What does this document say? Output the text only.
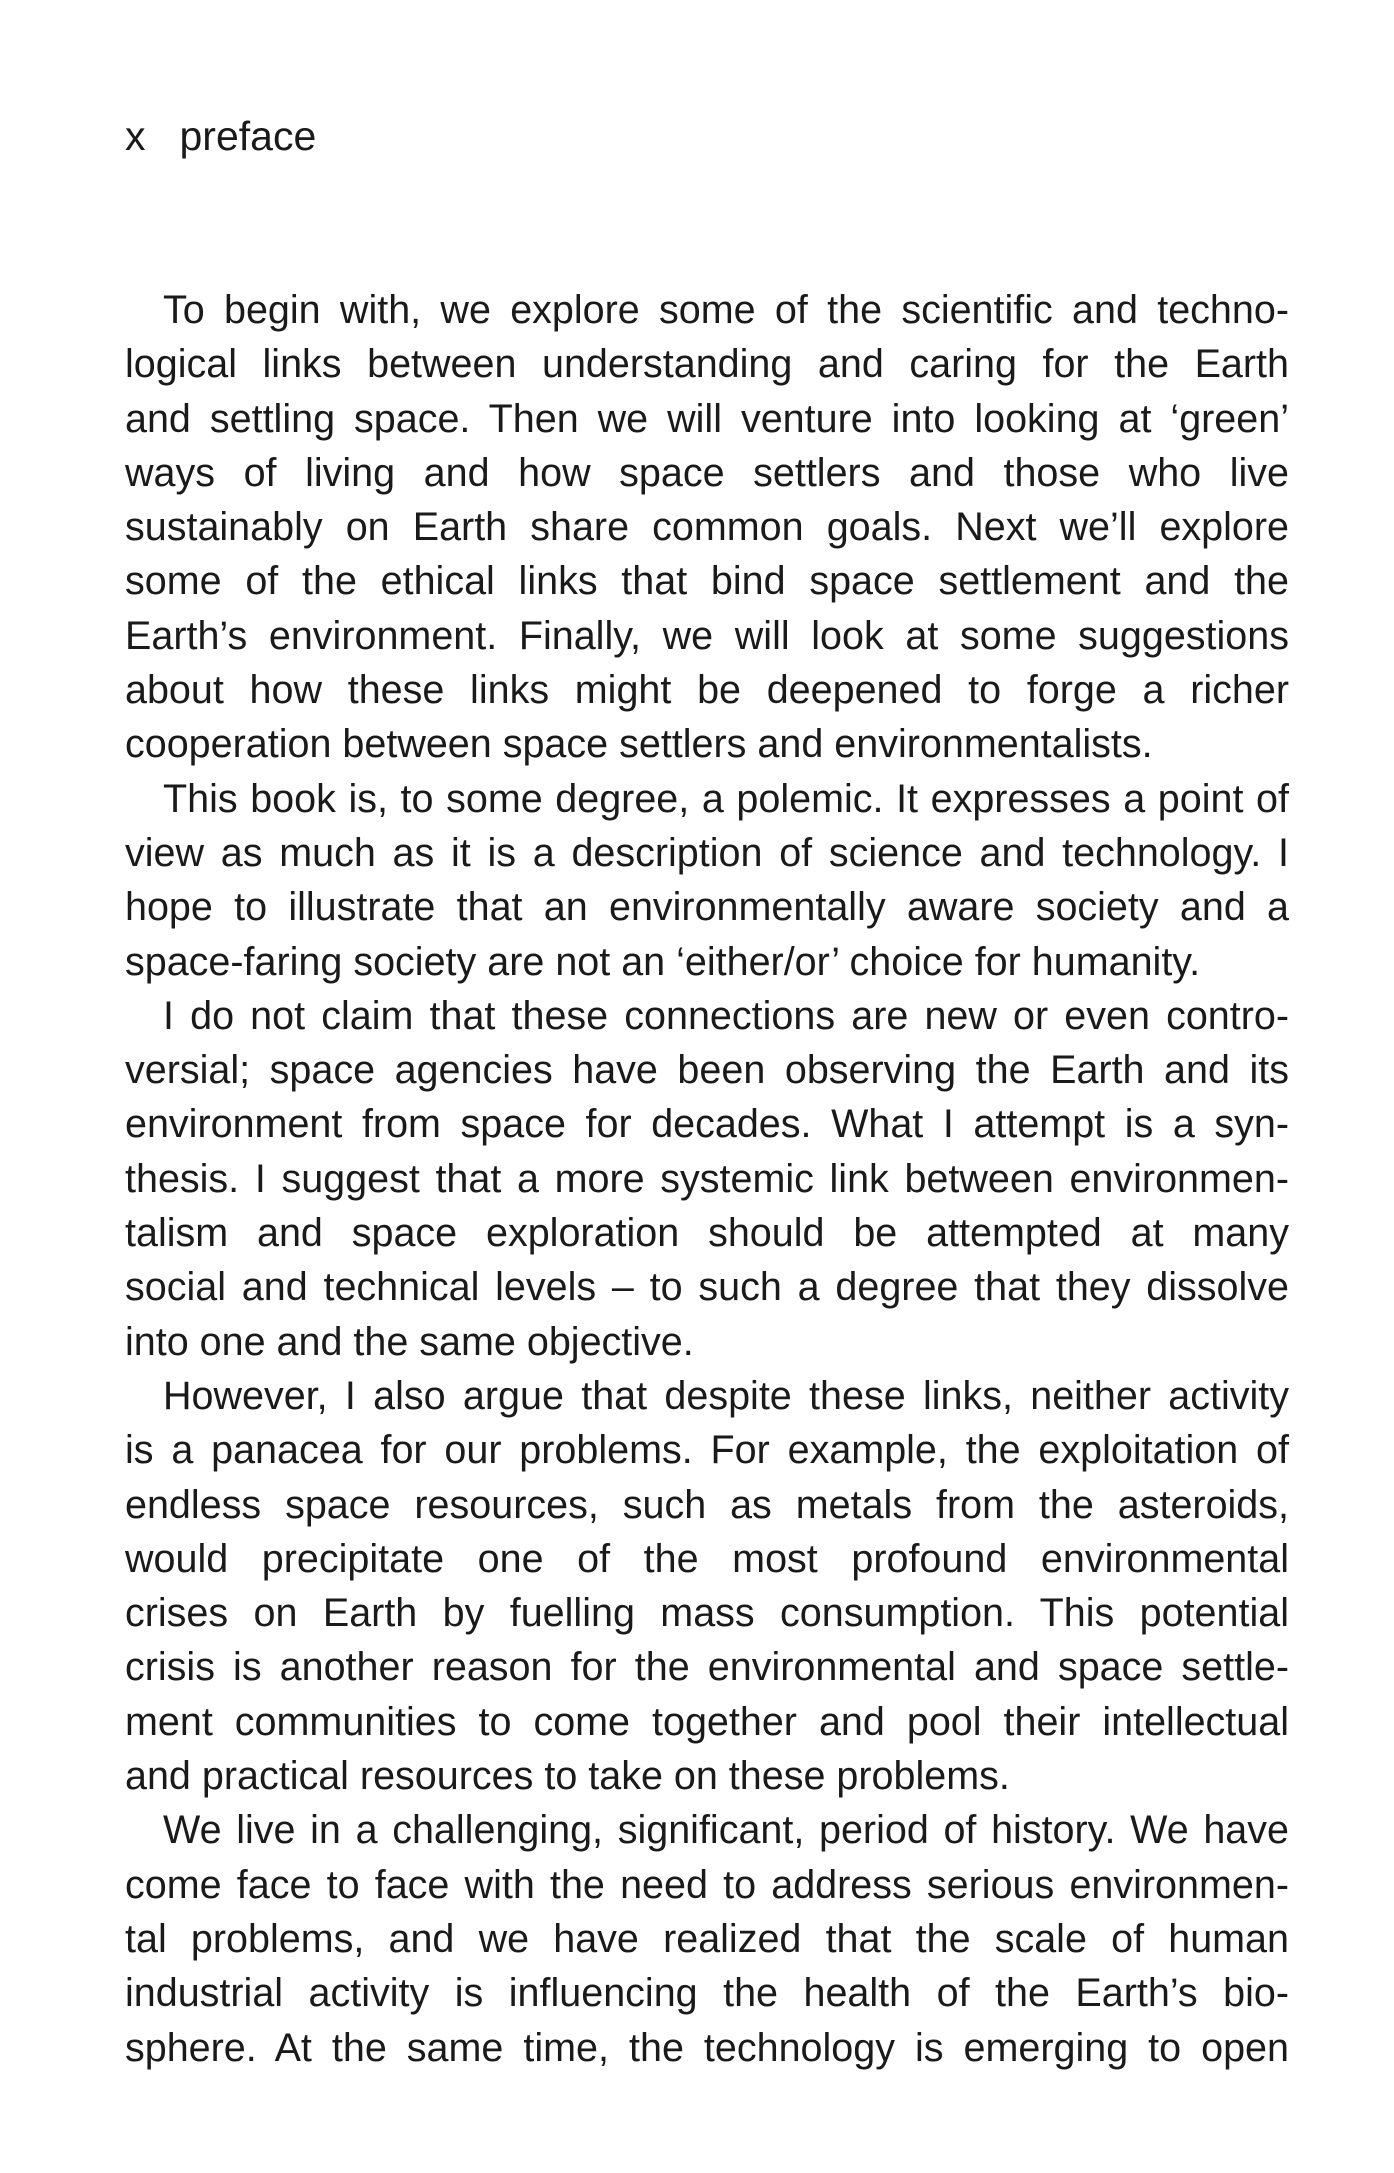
x preface
To begin with, we explore some of the scientific and techno-
logical links between understanding and caring for the Earth
and settling space. Then we will venture into looking at ‘green’
ways of living and how space settlers and those who live
sustainably on Earth share common goals. Next we’ll explore
some of the ethical links that bind space settlement and the
Earth’s environment. Finally, we will look at some suggestions
about how these links might be deepened to forge a richer
cooperation between space settlers and environmentalists.
This book is, to some degree, a polemic. It expresses a point of
view as much as it is a description of science and technology. I
hope to illustrate that an environmentally aware society and a
space-faring society are not an ‘either/or’ choice for humanity.
I do not claim that these connections are new or even contro-
versial; space agencies have been observing the Earth and its
environment from space for decades. What I attempt is a syn-
thesis. I suggest that a more systemic link between environmen-
talism and space exploration should be attempted at many
social and technical levels – to such a degree that they dissolve
into one and the same objective.
However, I also argue that despite these links, neither activity
is a panacea for our problems. For example, the exploitation of
endless space resources, such as metals from the asteroids,
would precipitate one of the most profound environmental
crises on Earth by fuelling mass consumption. This potential
crisis is another reason for the environmental and space settle-
ment communities to come together and pool their intellectual
and practical resources to take on these problems.
We live in a challenging, significant, period of history. We have
come face to face with the need to address serious environmen-
tal problems, and we have realized that the scale of human
industrial activity is influencing the health of the Earth’s bio-
sphere. At the same time, the technology is emerging to open
